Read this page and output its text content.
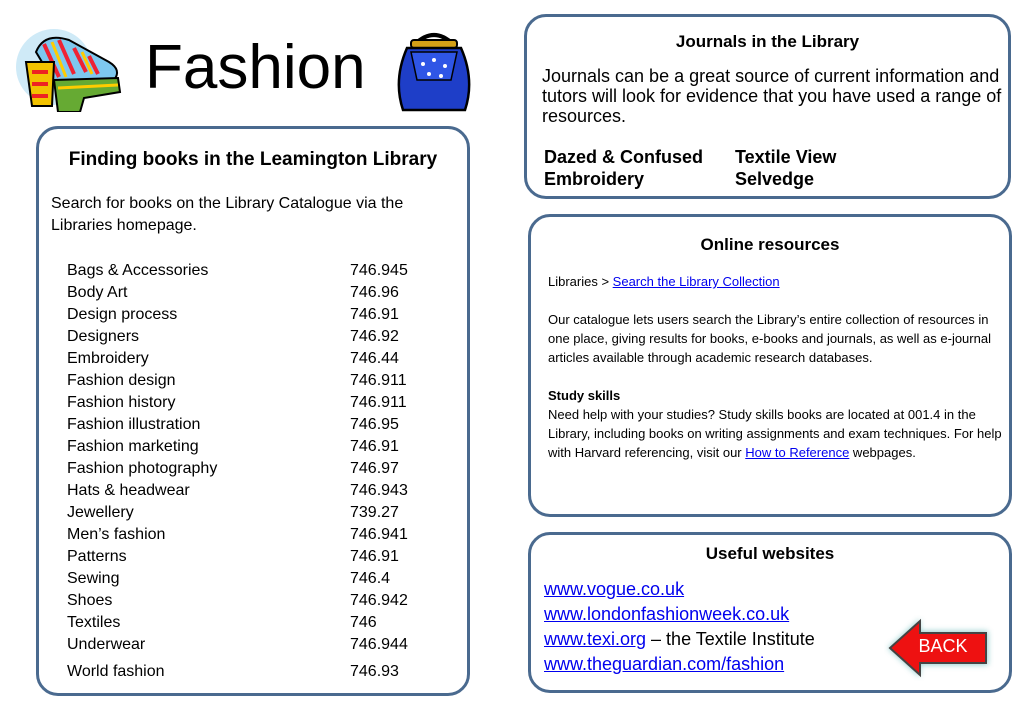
Fashion
Finding books in the Leamington Library
Search for books on the Library Catalogue via the Libraries homepage.
Bags & Accessories	746.945
Body Art	746.96
Design process	746.91
Designers	746.92
Embroidery	746.44
Fashion design	746.911
Fashion history	746.911
Fashion illustration	746.95
Fashion marketing	746.91
Fashion photography	746.97
Hats & headwear	746.943
Jewellery	739.27
Men’s fashion	746.941
Patterns	746.91
Sewing	746.4
Shoes	746.942
Textiles	746
Underwear	746.944
World fashion	746.93
Journals in the Library
Journals can be a great source of current information and tutors will look for evidence that you have used a range of resources.
Dazed & Confused	Textile View
Embroidery	Selvedge
Online resources

Libraries > Search the Library Collection

Our catalogue lets users search the Library’s entire collection of resources in one place, giving results for books, e-books and journals, as well as e-journal articles available through academic research databases.

Study skills

Need help with your studies? Study skills books are located at 001.4 in the Library, including books on writing assignments and exam techniques. For help with Harvard referencing, visit our How to Reference webpages.

Useful websites
www.vogue.co.uk
www.londonfashionweek.co.uk
www.texi.org – the Textile Institute
www.theguardian.com/fashion
BACK
